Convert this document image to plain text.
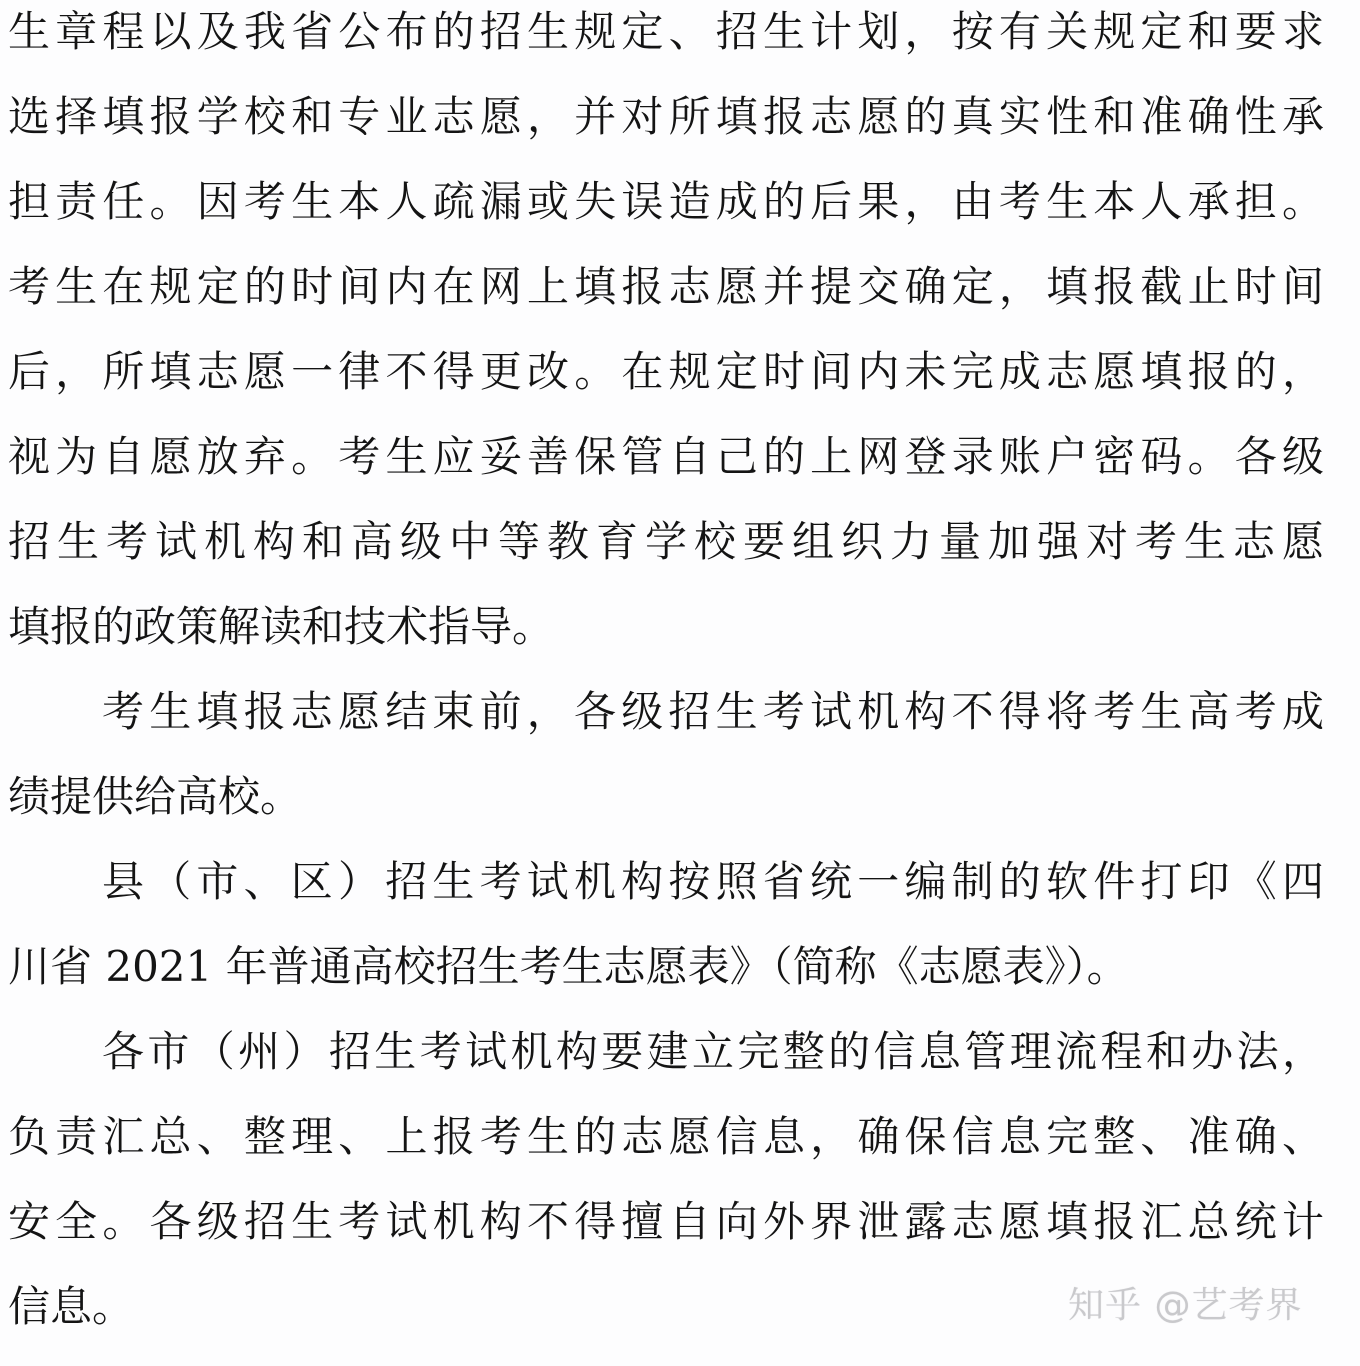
生章程以及我省公布的招生规定、招生计划，按有关规定和要求
选择填报学校和专业志愿，并对所填报志愿的真实性和准确性承
担责任。因考生本人疏漏或失误造成的后果，由考生本人承担。
考生在规定的时间内在网上填报志愿并提交确定，填报截止时间
后，所填志愿一律不得更改。在规定时间内未完成志愿填报的，
视为自愿放弃。考生应妥善保管自己的上网登录账户密码。各级
招生考试机构和高级中等教育学校要组织力量加强对考生志愿
填报的政策解读和技术指导。
考生填报志愿结束前，各级招生考试机构不得将考生高考成
绩提供给高校。
县（市、区）招生考试机构按照省统一编制的软件打印《四
川省 2021 年普通高校招生考生志愿表》（简称《志愿表》）。
各市（州）招生考试机构要建立完整的信息管理流程和办法，
负责汇总、整理、上报考生的志愿信息，确保信息完整、准确、
安全。各级招生考试机构不得擅自向外界泄露志愿填报汇总统计
信息。	知乎 @艺考界
